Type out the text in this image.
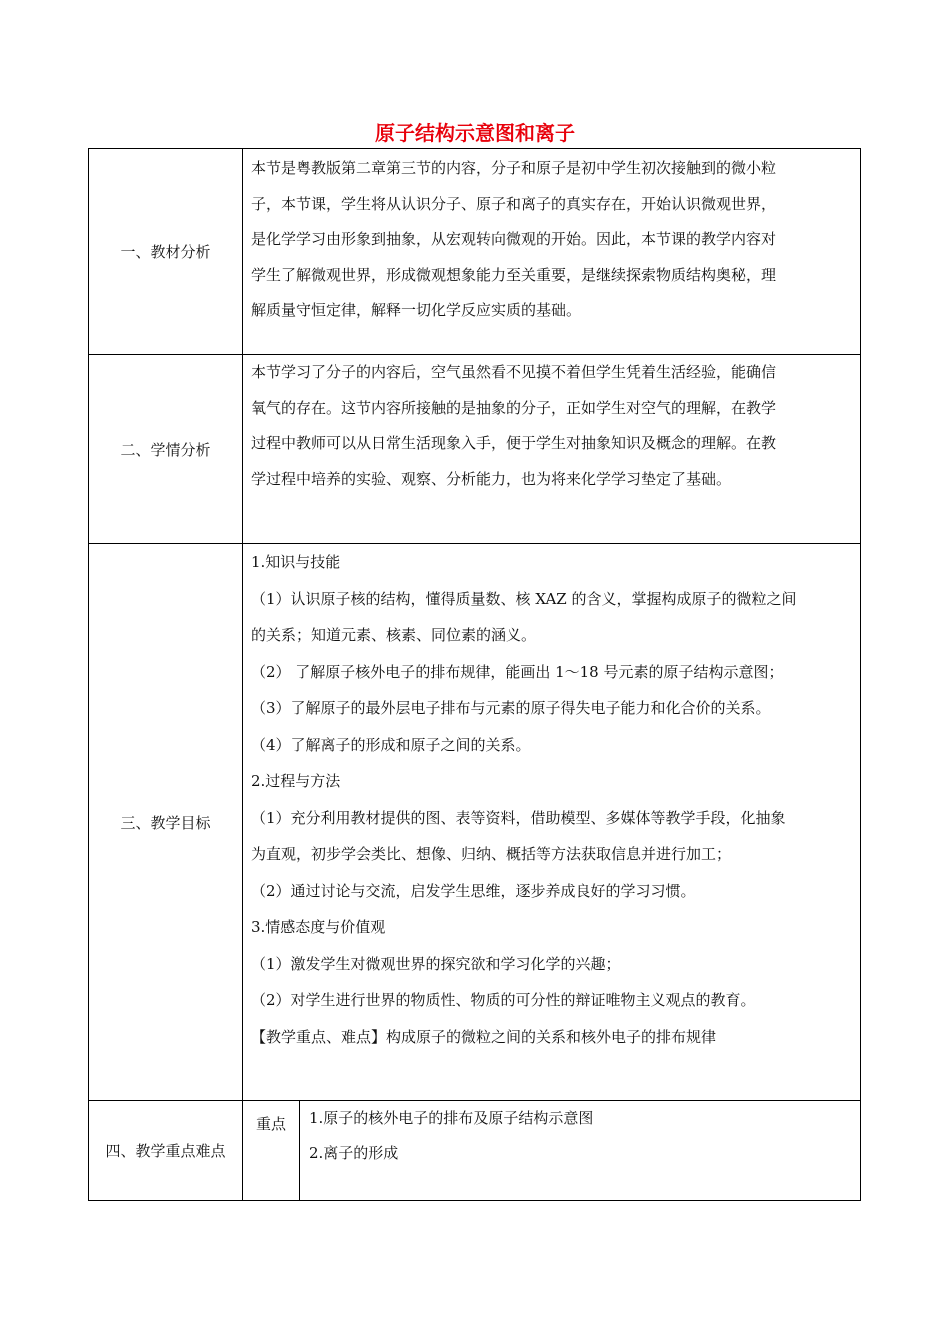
原子结构示意图和离子
一、教材分析

本节是粤教版第二章第三节的内容，分子和原子是初中学生初次接触到的微小粒

子，本节课，学生将从认识分子、原子和离子的真实存在，开始认识微观世界，

是化学学习由形象到抽象，从宏观转向微观的开始。因此，本节课的教学内容对

学生了解微观世界，形成微观想象能力至关重要，是继续探索物质结构奥秘，理

解质量守恒定律，解释一切化学反应实质的基础。

二、学情分析

本节学习了分子的内容后，空气虽然看不见摸不着但学生凭着生活经验，能确信

氧气的存在。这节内容所接触的是抽象的分子，正如学生对空气的理解，在教学

过程中教师可以从日常生活现象入手，便于学生对抽象知识及概念的理解。在教

学过程中培养的实验、观察、分析能力，也为将来化学学习垫定了基础。

三、教学目标

1.知识与技能

（1）认识原子核的结构，懂得质量数、核 XAZ 的含义，掌握构成原子的微粒之间

的关系；知道元素、核素、同位素的涵义。

（2） 了解原子核外电子的排布规律，能画出 1～18 号元素的原子结构示意图；

（3）了解原子的最外层电子排布与元素的原子得失电子能力和化合价的关系。

（4）了解离子的形成和原子之间的关系。

2.过程与方法

（1）充分利用教材提供的图、表等资料，借助模型、多媒体等教学手段，化抽象

为直观，初步学会类比、想像、归纳、概括等方法获取信息并进行加工；

（2）通过讨论与交流，启发学生思维，逐步养成良好的学习习惯。

3.情感态度与价值观

（1）激发学生对微观世界的探究欲和学习化学的兴趣；

（2）对学生进行世界的物质性、物质的可分性的辩证唯物主义观点的教育。

【教学重点、难点】构成原子的微粒之间的关系和核外电子的排布规律

四、教学重点难点
重点	1.原子的核外电子的排布及原子结构示意图

2.离子的形成
